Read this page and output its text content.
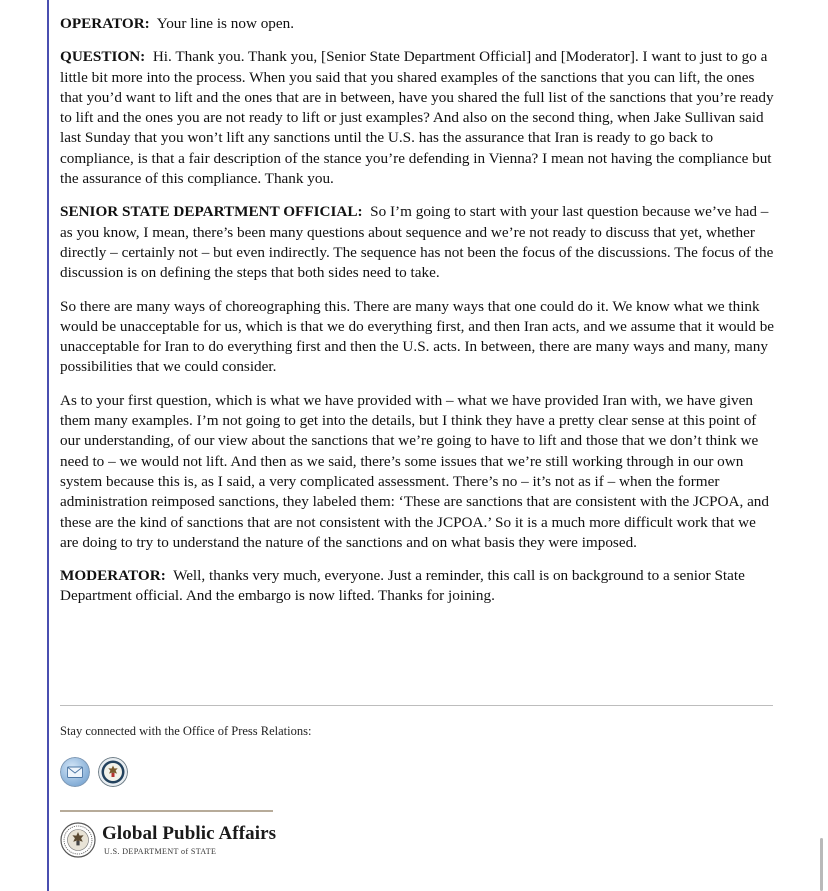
OPERATOR: Your line is now open.

QUESTION: Hi. Thank you. Thank you, [Senior State Department Official] and [Moderator]. I want to just to go a little bit more into the process. When you said that you shared examples of the sanctions that you can lift, the ones that you’d want to lift and the ones that are in between, have you shared the full list of the sanctions that you’re ready to lift and the ones you are not ready to lift or just examples? And also on the second thing, when Jake Sullivan said last Sunday that you won’t lift any sanctions until the U.S. has the assurance that Iran is ready to go back to compliance, is that a fair description of the stance you’re defending in Vienna? I mean not having the compliance but the assurance of this compliance. Thank you.

SENIOR STATE DEPARTMENT OFFICIAL: So I’m going to start with your last question because we’ve had – as you know, I mean, there’s been many questions about sequence and we’re not ready to discuss that yet, whether directly – certainly not – but even indirectly. The sequence has not been the focus of the discussions. The focus of the discussion is on defining the steps that both sides need to take.

So there are many ways of choreographing this. There are many ways that one could do it. We know what we think would be unacceptable for us, which is that we do everything first, and then Iran acts, and we assume that it would be unacceptable for Iran to do everything first and then the U.S. acts. In between, there are many ways and many, many possibilities that we could consider.

As to your first question, which is what we have provided with – what we have provided Iran with, we have given them many examples. I’m not going to get into the details, but I think they have a pretty clear sense at this point of our understanding, of our view about the sanctions that we’re going to have to lift and those that we don’t think we need to – we would not lift. And then as we said, there’s some issues that we’re still working through in our own system because this is, as I said, a very complicated assessment. There’s no – it’s not as if – when the former administration reimposed sanctions, they labeled them: ‘These are sanctions that are consistent with the JCPOA, and these are the kind of sanctions that are not consistent with the JCPOA.’ So it is a much more difficult work that we are doing to try to understand the nature of the sanctions and on what basis they were imposed.

MODERATOR: Well, thanks very much, everyone. Just a reminder, this call is on background to a senior State Department official. And the embargo is now lifted. Thanks for joining.

Stay connected with the Office of Press Relations:
Global Public Affairs
U.S. DEPARTMENT of STATE
